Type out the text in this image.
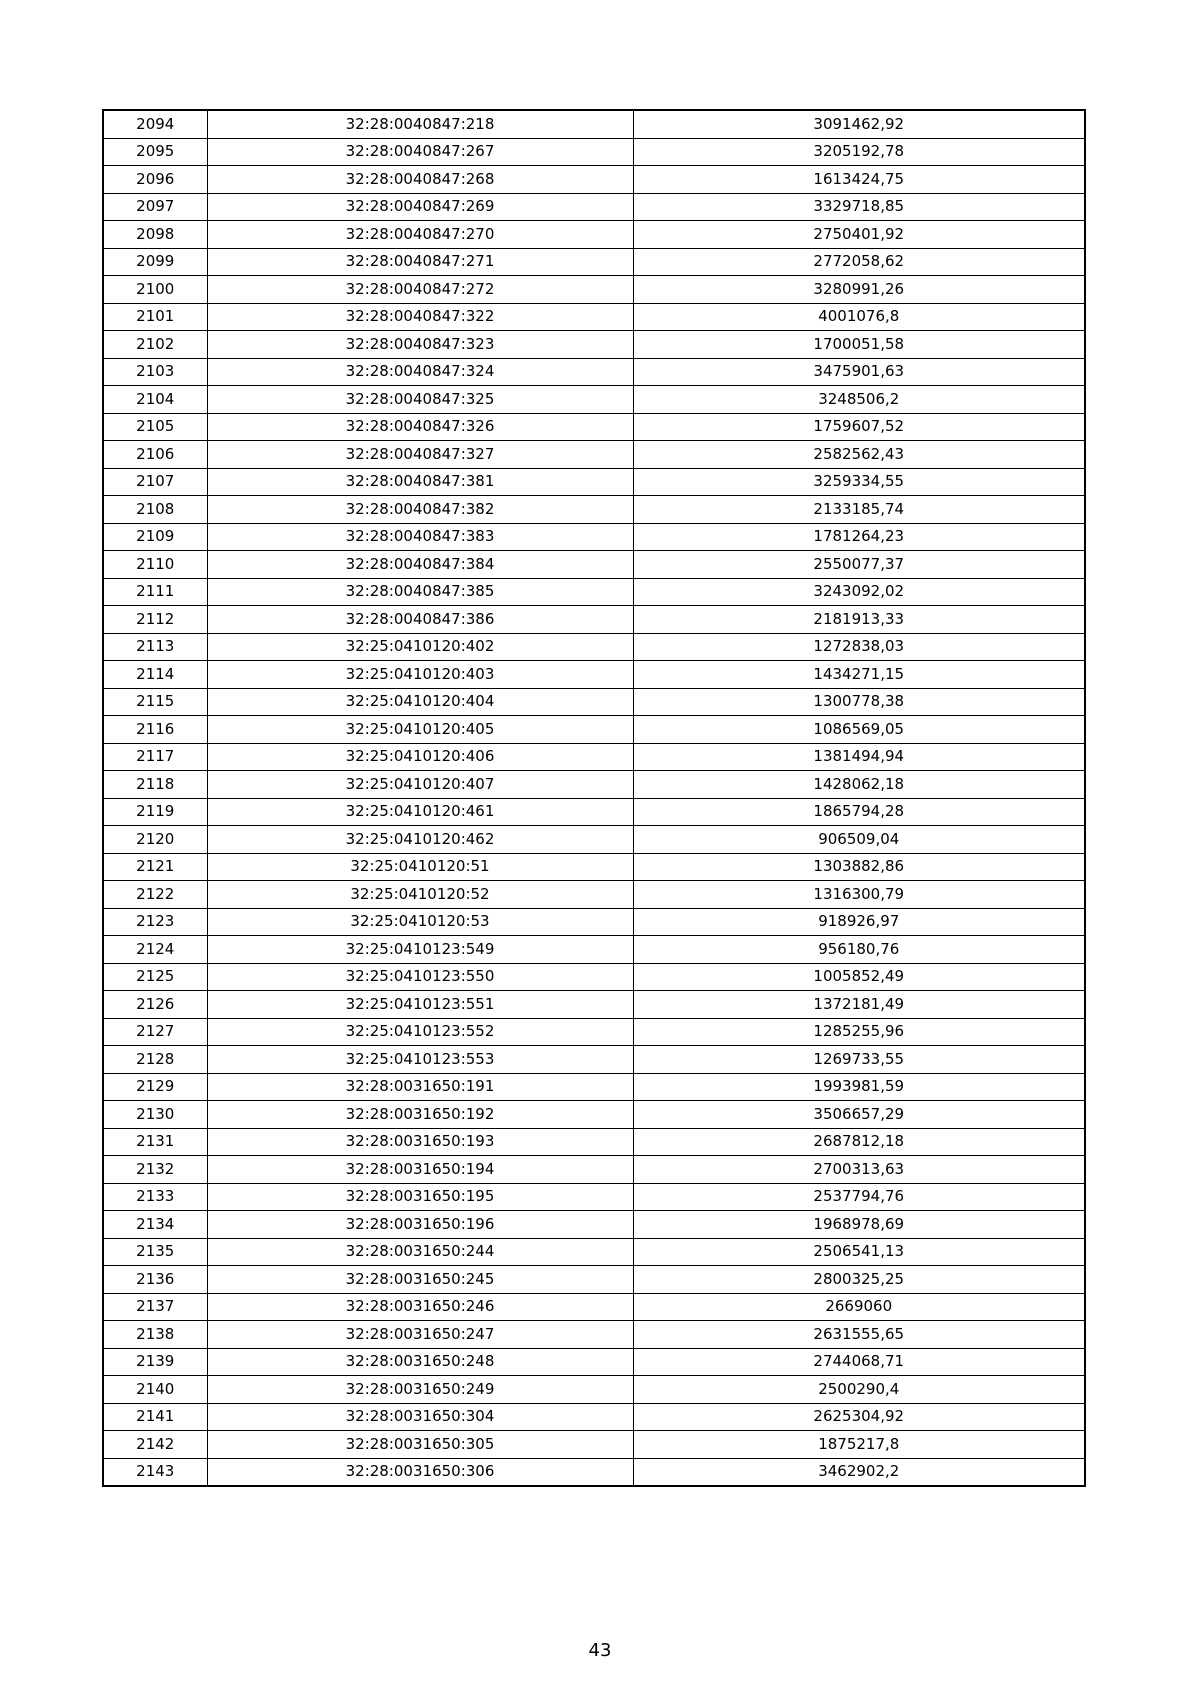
2094	32:28:0040847:218	3091462,92
2095	32:28:0040847:267	3205192,78
2096	32:28:0040847:268	1613424,75
2097	32:28:0040847:269	3329718,85
2098	32:28:0040847:270	2750401,92
2099	32:28:0040847:271	2772058,62
2100	32:28:0040847:272	3280991,26
2101	32:28:0040847:322	4001076,8
2102	32:28:0040847:323	1700051,58
2103	32:28:0040847:324	3475901,63
2104	32:28:0040847:325	3248506,2
2105	32:28:0040847:326	1759607,52
2106	32:28:0040847:327	2582562,43
2107	32:28:0040847:381	3259334,55
2108	32:28:0040847:382	2133185,74
2109	32:28:0040847:383	1781264,23
2110	32:28:0040847:384	2550077,37
2111	32:28:0040847:385	3243092,02
2112	32:28:0040847:386	2181913,33
2113	32:25:0410120:402	1272838,03
2114	32:25:0410120:403	1434271,15
2115	32:25:0410120:404	1300778,38
2116	32:25:0410120:405	1086569,05
2117	32:25:0410120:406	1381494,94
2118	32:25:0410120:407	1428062,18
2119	32:25:0410120:461	1865794,28
2120	32:25:0410120:462	906509,04
2121	32:25:0410120:51	1303882,86
2122	32:25:0410120:52	1316300,79
2123	32:25:0410120:53	918926,97
2124	32:25:0410123:549	956180,76
2125	32:25:0410123:550	1005852,49
2126	32:25:0410123:551	1372181,49
2127	32:25:0410123:552	1285255,96
2128	32:25:0410123:553	1269733,55
2129	32:28:0031650:191	1993981,59
2130	32:28:0031650:192	3506657,29
2131	32:28:0031650:193	2687812,18
2132	32:28:0031650:194	2700313,63
2133	32:28:0031650:195	2537794,76
2134	32:28:0031650:196	1968978,69
2135	32:28:0031650:244	2506541,13
2136	32:28:0031650:245	2800325,25
2137	32:28:0031650:246	2669060
2138	32:28:0031650:247	2631555,65
2139	32:28:0031650:248	2744068,71
2140	32:28:0031650:249	2500290,4
2141	32:28:0031650:304	2625304,92
2142	32:28:0031650:305	1875217,8
2143	32:28:0031650:306	3462902,2
43
